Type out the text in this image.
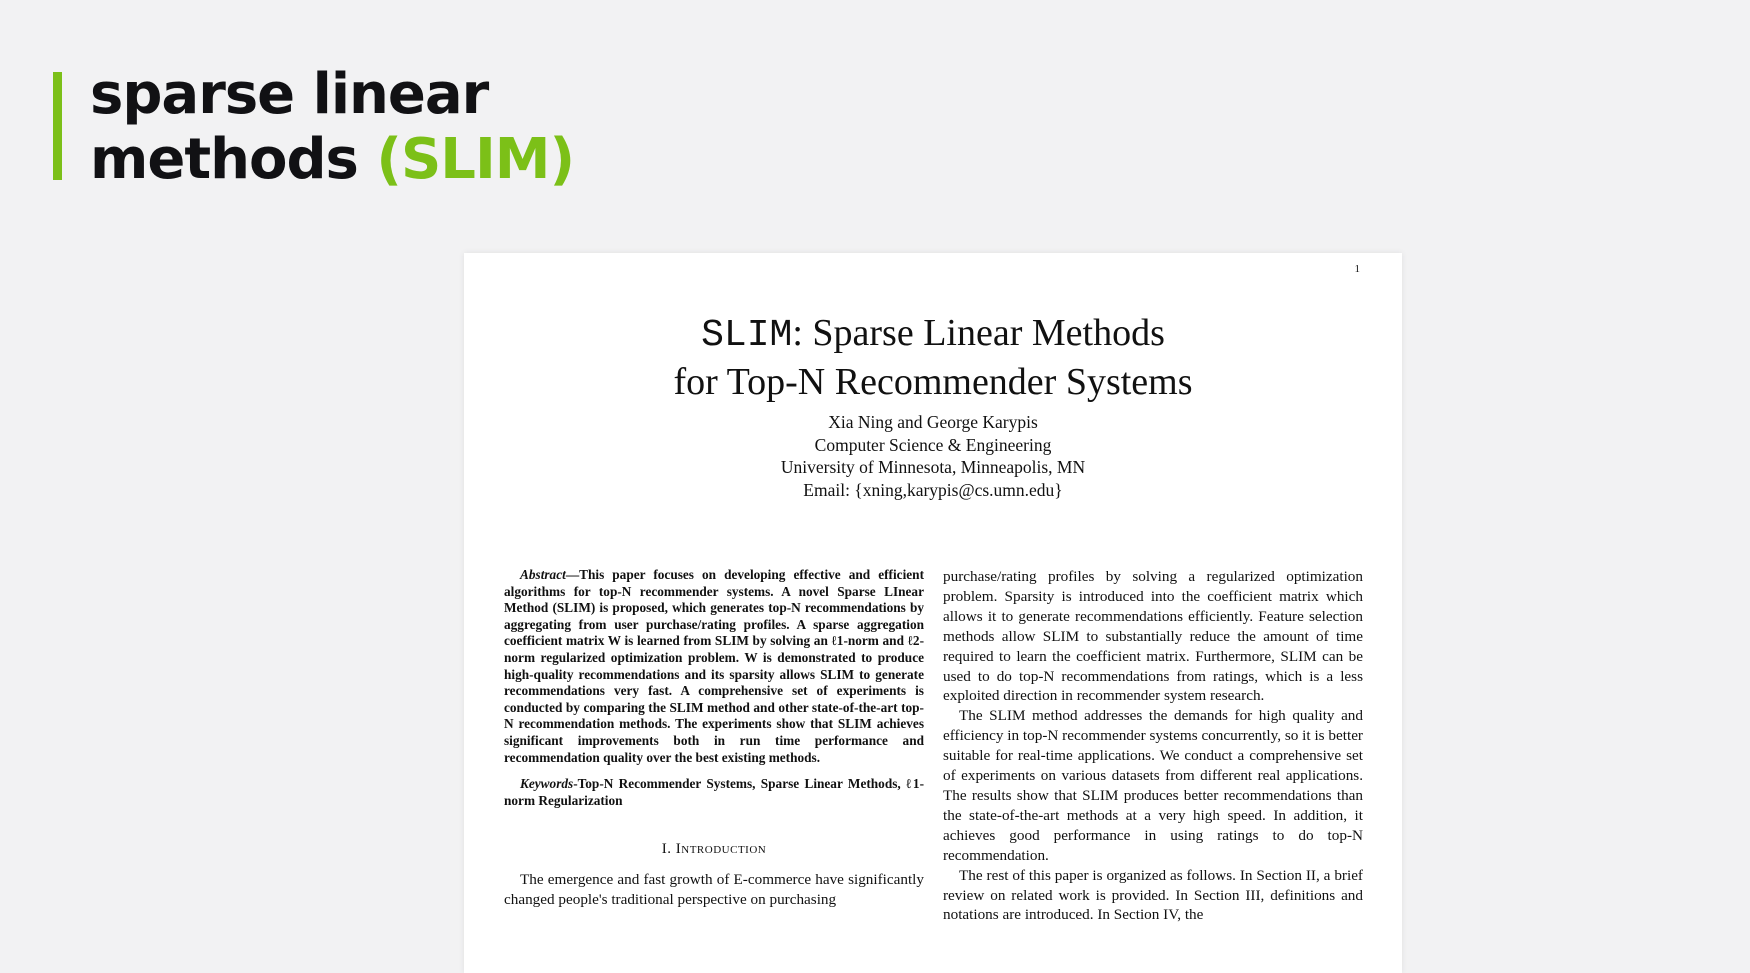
sparse linear
methods (SLIM)
1
SLIM: Sparse Linear Methods
for Top-N Recommender Systems
Xia Ning and George Karypis
Computer Science & Engineering
University of Minnesota, Minneapolis, MN
Email: {xning,karypis@cs.umn.edu}

Abstract—This paper focuses on developing effective and efficient algorithms for top-N recommender systems. A novel Sparse LInear Method (SLIM) is proposed, which generates top-N recommendations by aggregating from user purchase/rating profiles. A sparse aggregation coefficient matrix W is learned from SLIM by solving an ℓ1-norm and ℓ2-norm regularized optimization problem. W is demonstrated to produce high-quality recommendations and its sparsity allows SLIM to generate recommendations very fast. A comprehensive set of experiments is conducted by comparing the SLIM method and other state-of-the-art top-N recommendation methods. The experiments show that SLIM achieves significant improvements both in run time performance and recommendation quality over the best existing methods.

Keywords-Top-N Recommender Systems, Sparse Linear Methods, ℓ1-norm Regularization

I. Introduction

The emergence and fast growth of E-commerce have significantly changed people's traditional perspective on purchasing

purchase/rating profiles by solving a regularized optimization problem. Sparsity is introduced into the coefficient matrix which allows it to generate recommendations efficiently. Feature selection methods allow SLIM to substantially reduce the amount of time required to learn the coefficient matrix. Furthermore, SLIM can be used to do top-N recommendations from ratings, which is a less exploited direction in recommender system research.

The SLIM method addresses the demands for high quality and efficiency in top-N recommender systems concurrently, so it is better suitable for real-time applications. We conduct a comprehensive set of experiments on various datasets from different real applications. The results show that SLIM produces better recommendations than the state-of-the-art methods at a very high speed. In addition, it achieves good performance in using ratings to do top-N recommendation.

The rest of this paper is organized as follows. In Section II, a brief review on related work is provided. In Section III, definitions and notations are introduced. In Section IV, the
